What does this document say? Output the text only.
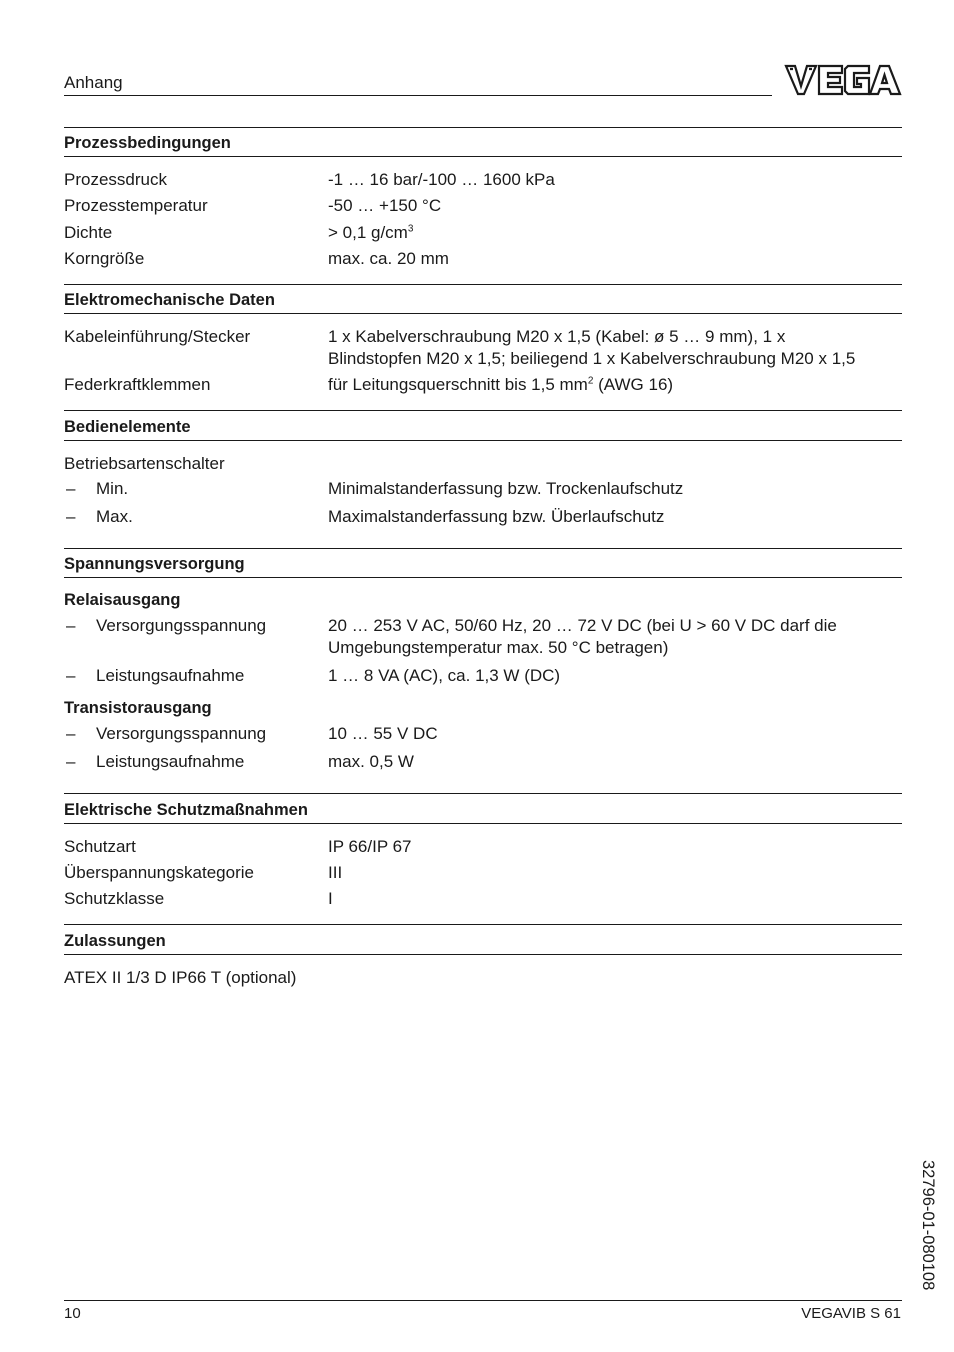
Anhang
Prozessbedingungen
Prozessdruck	-1 … 16 bar/-100 … 1600 kPa
Prozesstemperatur	-50 … +150 °C
Dichte	> 0,1 $g/cm^3$
Korngröße	max. ca. 20 mm
Elektromechanische Daten
Kabeleinführung/Stecker	1 x Kabelverschraubung M20 x 1,5 (Kabel: ø 5 … 9 mm), 1 x
Blindstopfen M20 x 1,5; beiliegend 1 x Kabelverschraubung M20 x 1,5
Federkraftklemmen	für Leitungsquerschnitt bis 1,5 $mm^2$ (AWG 16)
Bedienelemente
Betriebsartenschalter
– Min.	Minimalstanderfassung bzw. Trockenlaufschutz
– Max.	Maximalstanderfassung bzw. Überlaufschutz
Spannungsversorgung
Relaisausgang
– Versorgungsspannung	20 … 253 V AC, 50/60 Hz, 20 … 72 V DC (bei U > 60 V DC darf die
Umgebungstemperatur max. 50 °C betragen)
– Leistungsaufnahme	1 … 8 VA (AC), ca. 1,3 W (DC)
Transistorausgang
– Versorgungsspannung	10 … 55 V DC
– Leistungsaufnahme	max. 0,5 W
Elektrische Schutzmaßnahmen
Schutzart	IP 66/IP 67
Überspannungskategorie	III
Schutzklasse	I
Zulassungen
ATEX II 1/3 D IP66 T (optional)
32796-01-080108
10	VEGAVIB S 61
